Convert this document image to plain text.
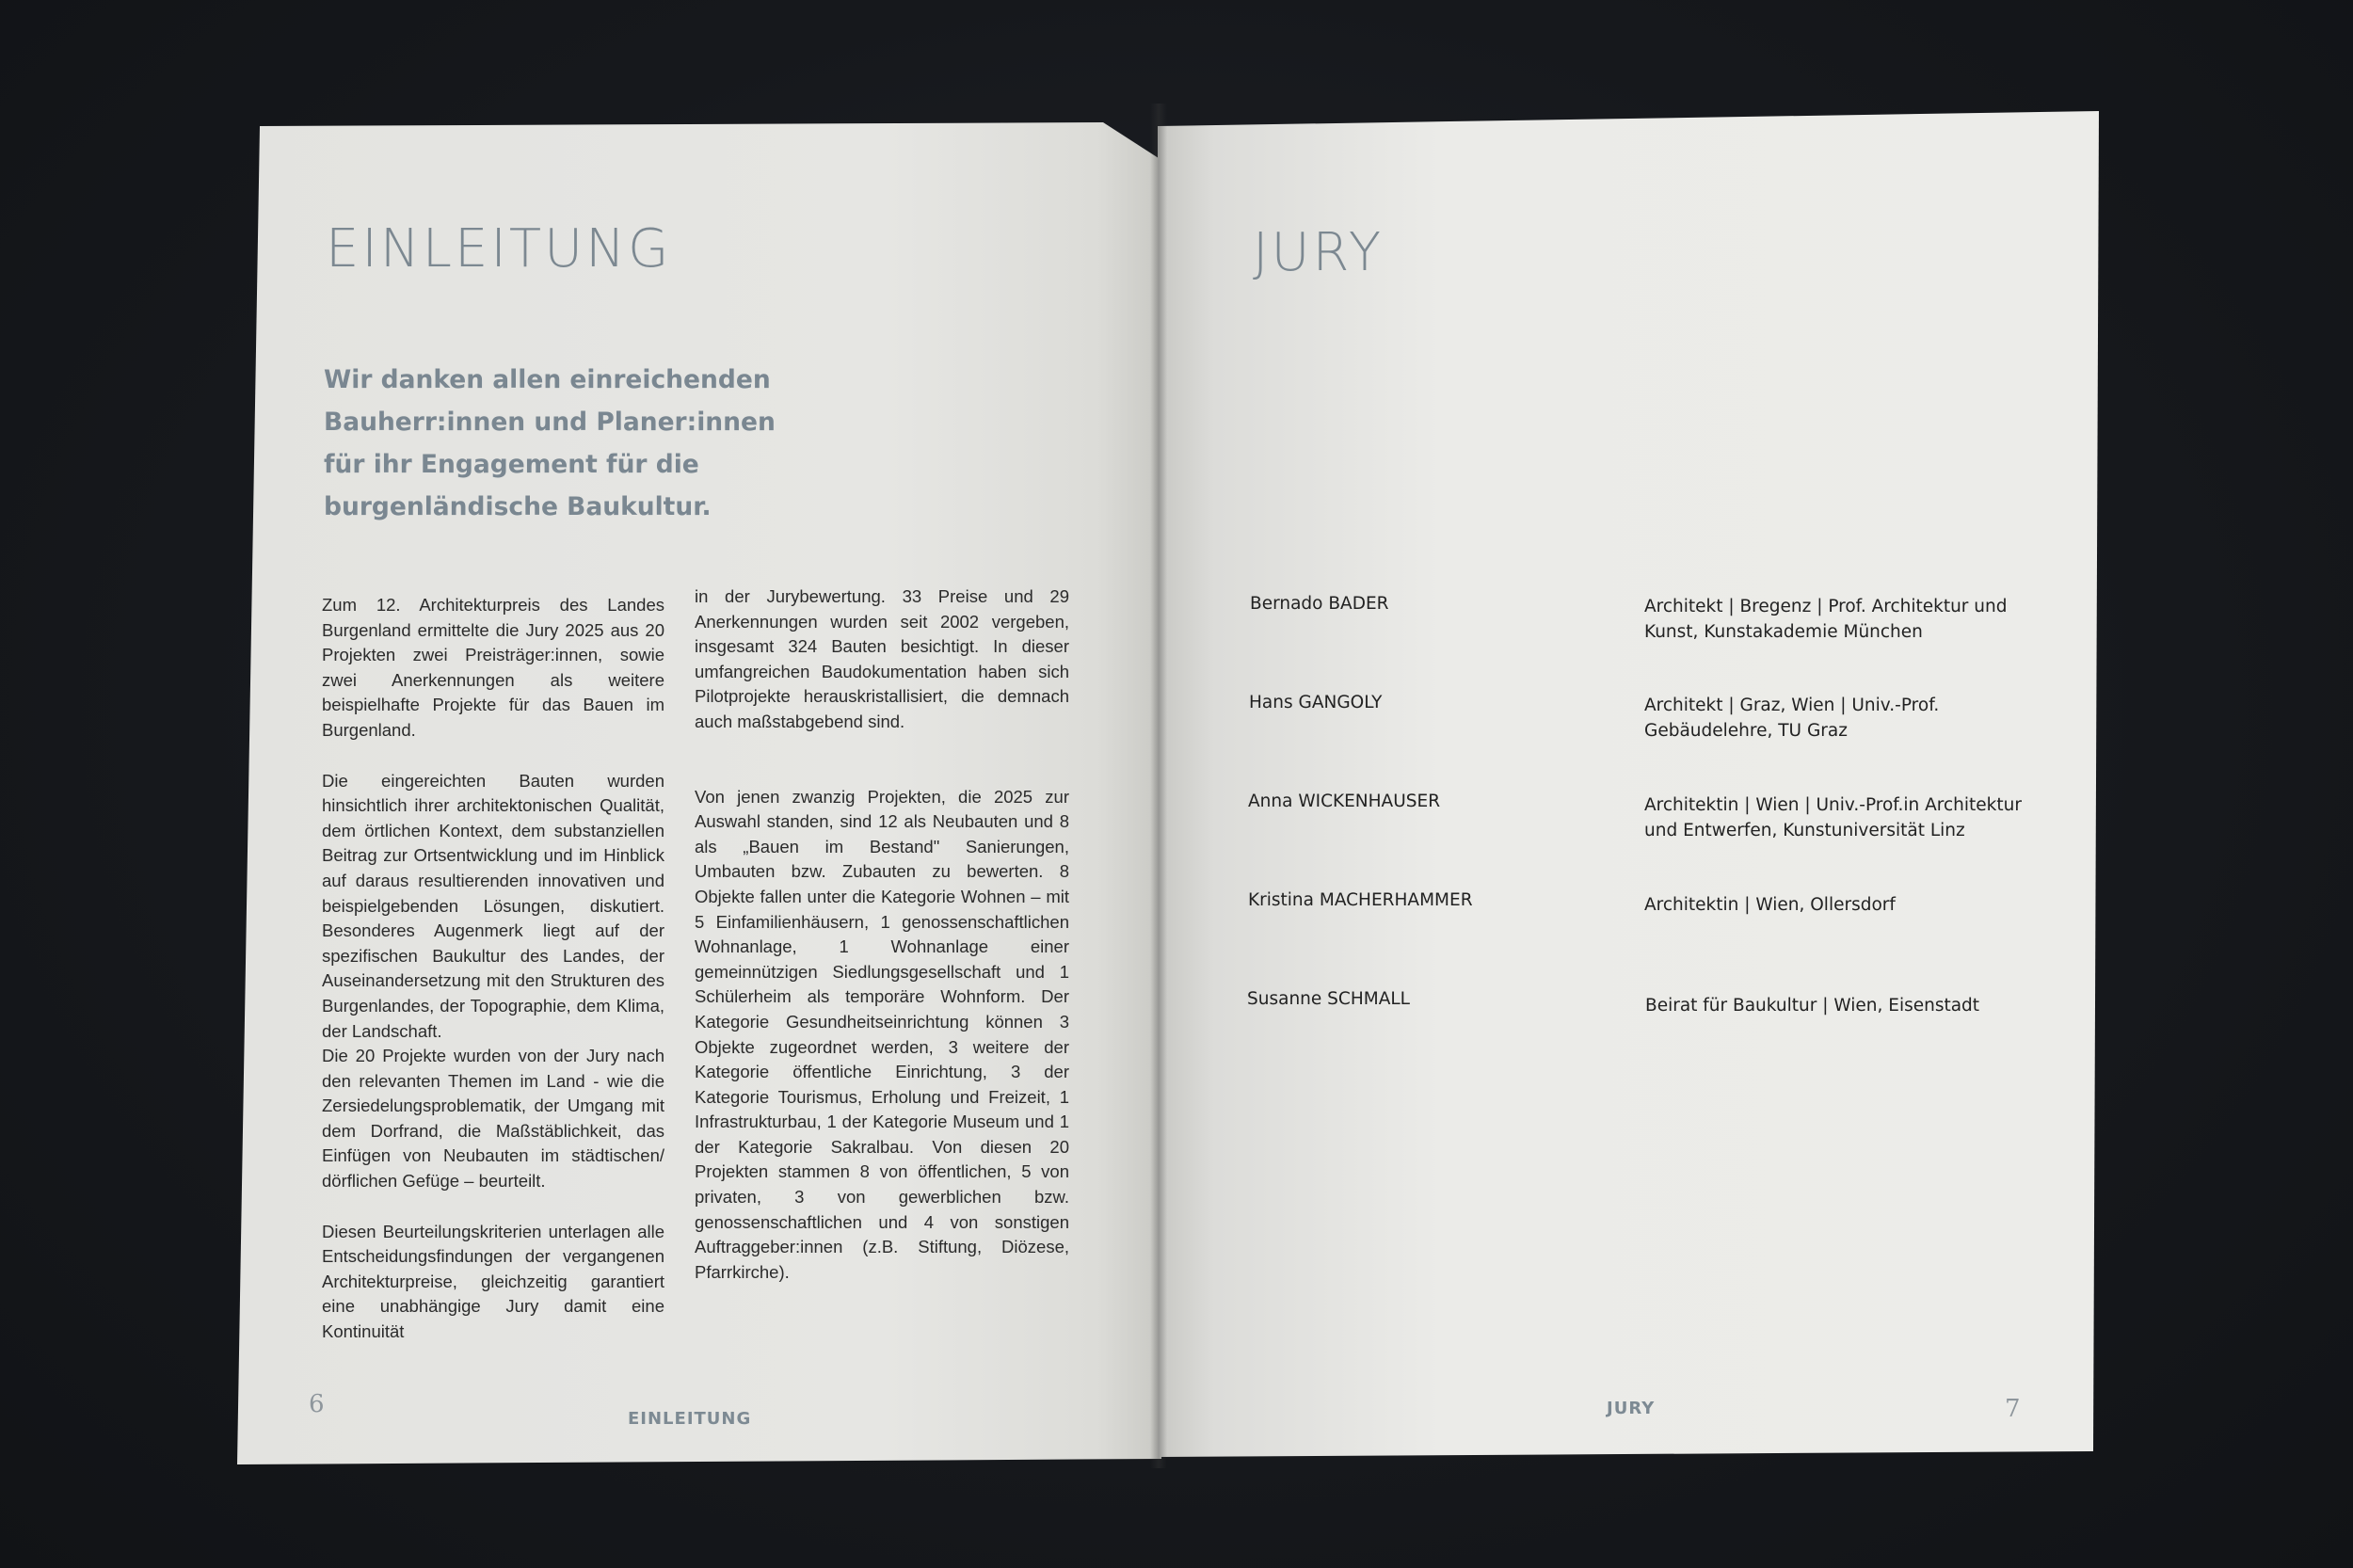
EINLEITUNG
Wir danken allen einreichenden
Bauherr:innen und Planer:innen
für ihr Engagement für die
burgenländische Baukultur.

Zum 12. Architekturpreis des Landes Burgenland ermittelte die Jury 2025 aus 20 Projekten zwei Preisträger:innen, sowie zwei Anerkennungen als weitere beispielhafte Projekte für das Bauen im Burgenland.

Die eingereichten Bauten wurden hinsichtlich ihrer architektonischen Qualität, dem örtlichen Kontext, dem substanziellen Beitrag zur Ortsentwicklung und im Hinblick auf daraus resultierenden innovativen und beispielgebenden Lösungen, diskutiert. Besonderes Augenmerk liegt auf der spezifischen Baukultur des Landes, der Auseinandersetzung mit den Strukturen des Burgenlandes, der Topographie, dem Klima, der Landschaft.

Die 20 Projekte wurden von der Jury nach den relevanten Themen im Land - wie die Zersiedelungsproblematik, der Umgang mit dem Dorfrand, die Maßstäblichkeit, das Einfügen von Neubauten im städtischen/ dörflichen Gefüge – beurteilt.

Diesen Beurteilungskriterien unterlagen alle Entscheidungsfindungen der vergangenen Architekturpreise, gleichzeitig garantiert eine unabhängige Jury damit eine Kontinuität

in der Jurybewertung. 33 Preise und 29 Anerkennungen wurden seit 2002 vergeben, insgesamt 324 Bauten besichtigt. In dieser umfangreichen Baudokumentation haben sich Pilotprojekte herauskristallisiert, die demnach auch maßstabgebend sind.

Von jenen zwanzig Projekten, die 2025 zur Auswahl standen, sind 12 als Neubauten und 8 als „Bauen im Bestand" Sanierungen, Umbauten bzw. Zubauten zu bewerten. 8 Objekte fallen unter die Kategorie Wohnen – mit 5 Einfamilienhäusern, 1 genossenschaftlichen Wohnanlage, 1 Wohnanlage einer gemeinnützigen Siedlungsgesellschaft und 1 Schülerheim als temporäre Wohnform. Der Kategorie Gesundheitseinrichtung können 3 Objekte zugeordnet werden, 3 weitere der Kategorie öffentliche Einrichtung, 3 der Kategorie Tourismus, Erholung und Freizeit, 1 Infrastrukturbau, 1 der Kategorie Museum und 1 der Kategorie Sakralbau. Von diesen 20 Projekten stammen 8 von öffentlichen, 5 von privaten, 3 von gewerblichen bzw. genossenschaftlichen und 4 von sonstigen Auftraggeber:innen (z.B. Stiftung, Diözese, Pfarrkirche).

6
EINLEITUNG
JURY
Bernado BADER	Architekt | Bregenz | Prof. Architektur und
Kunst, Kunstakademie München
Hans GANGOLY	Architekt | Graz, Wien | Univ.-Prof.
Gebäudelehre, TU Graz
Anna WICKENHAUSER	Architektin | Wien | Univ.-Prof.in Architektur
und Entwerfen, Kunstuniversität Linz
Kristina MACHERHAMMER	Architektin | Wien, Ollersdorf
Susanne SCHMALL	Beirat für Baukultur | Wien, Eisenstadt
JURY	7
